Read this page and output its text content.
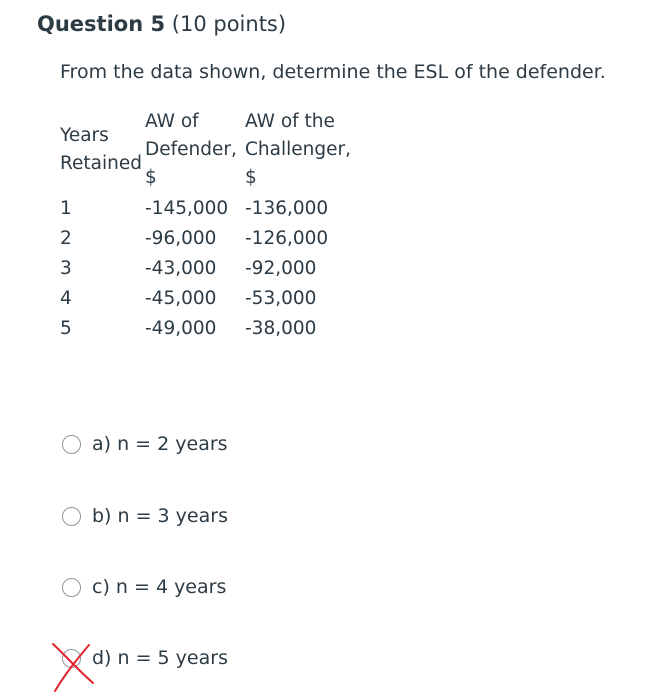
Question 5 (10 points)
From the data shown, determine the ESL of the defender.
Years Retained	AW of Defender, $	AW of the Challenger, $
1	-145,000	-136,000
2	-96,000	-126,000
3	-43,000	-92,000
4	-45,000	-53,000
5	-49,000	-38,000
a) n = 2 years
b) n = 3 years
c) n = 4 years
d) n = 5 years
